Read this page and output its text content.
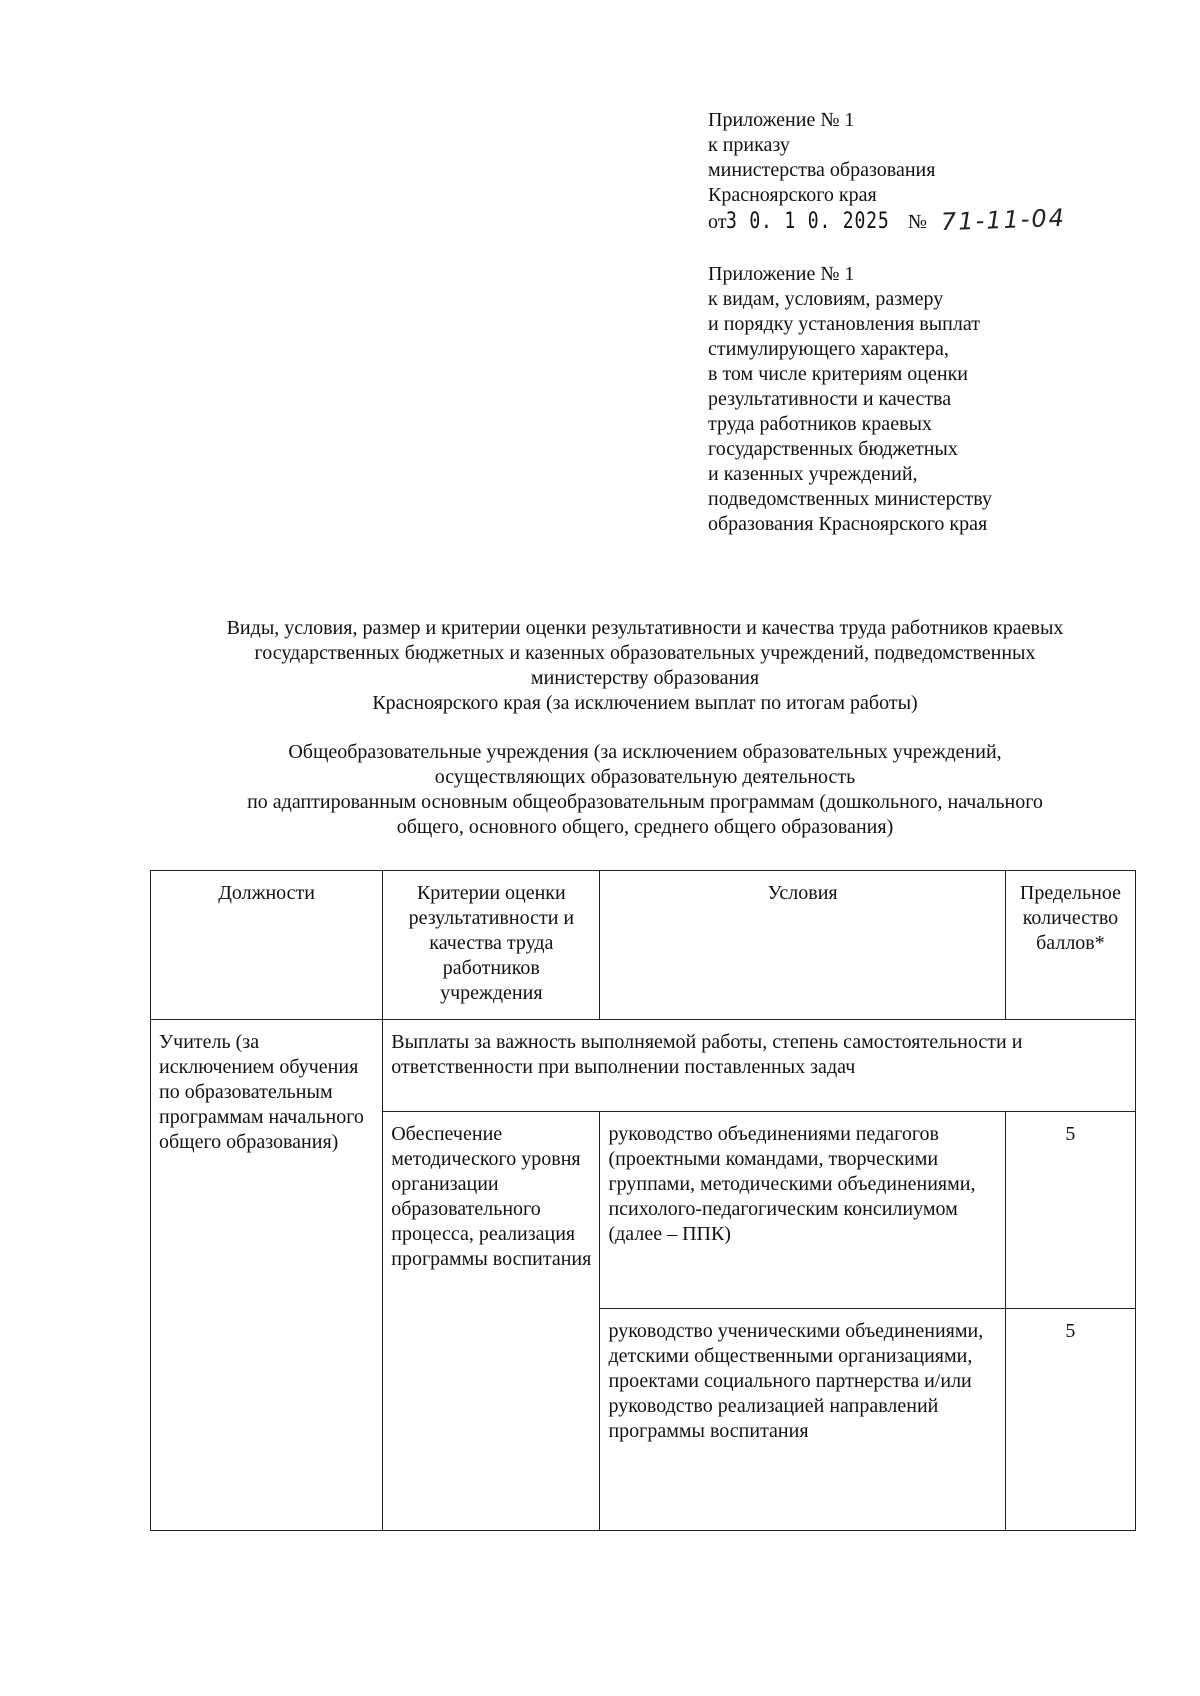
Приложение № 1
к приказу
министерства образования
Красноярского края
от3 0. 1 0. 2025 № 71-11-04
Приложение № 1
к видам, условиям, размеру
и порядку установления выплат
стимулирующего характера,
в том числе критериям оценки
результативности и качества
труда работников краевых
государственных бюджетных
и казенных учреждений,
подведомственных министерству
образования Красноярского края
Виды, условия, размер и критерии оценки результативности и качества труда работников краевых
государственных бюджетных и казенных образовательных учреждений, подведомственных
министерству образования
Красноярского края (за исключением выплат по итогам работы)
Общеобразовательные учреждения (за исключением образовательных учреждений,
осуществляющих образовательную деятельность
по адаптированным основным общеобразовательным программам (дошкольного, начального
общего, основного общего, среднего общего образования)
Должности	Критерии оценки результативности и качества труда работников учреждения	Условия	Предельное количество баллов*
Учитель (за исключением обучения по образовательным программам начального общего образования)	Выплаты за важность выполняемой работы, степень самостоятельности и ответственности при выполнении поставленных задач		
	Обеспечение методического уровня организации образовательного процесса, реализация программы воспитания	руководство объединениями педагогов (проектными командами, творческими группами, методическими объединениями, психолого-педагогическим консилиумом (далее – ППК)	5
		руководство ученическими объединениями, детскими общественными организациями, проектами социального партнерства и/или руководство реализацией направлений программы воспитания	5
